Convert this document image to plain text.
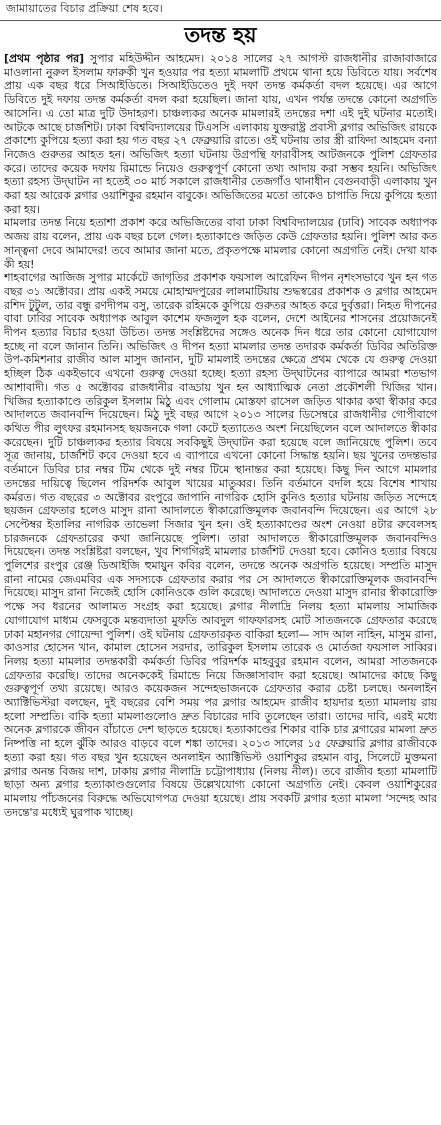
জামায়াতের বিচার প্রক্রিয়া শেষ হবে।
তদন্ত হয়

[প্রথম পৃষ্ঠার পর] সুপার মহিউদ্দীন আহমেদ। ২০১৪ সালের ২৭ আগস্ট রাজধানীর রাজাবাজারে মাওলানা নুরুল ইসলাম ফারুকী খুন হওয়ার পর হত্যা মামলাটি প্রথমে থানা হয়ে ডিবিতে যায়। সর্বশেষ প্রায় এক বছর ধরে সিআইডিতে। সিআইডিতেও দুই দফা তদন্ত কর্মকর্তা বদল হয়েছে। এর আগে ডিবিতে দুই দফায় তদন্ত কর্মকর্তা বদল করা হয়েছিল। জানা যায়, এখন পর্যন্ত তদন্তে কোনো অগ্রগতি আসেনি। এ তো মাত্র দুটি উদাহরণ। চাঞ্চল্যকর অনেক মামলারই তদন্তের দশা এই দুই ঘটনার মতোই। আটকে আছে চার্জশিট। ঢাকা বিশ্ববিদ্যালয়ের টিএসসি এলাকায় যুক্তরাষ্ট্র প্রবাসী ব্লগার অভিজিৎ রায়কে প্রকাশ্যে কুপিয়ে হত্যা করা হয় গত বছর ২৭ ফেব্রুয়ারি রাতে। ওই ঘটনায় তার স্ত্রী রাফিদা আহমেদ বন্যা নিজেও গুরুতর আহত হন। অভিজিৎ হত্যা ঘটনায় উগ্রপন্থি ফারাবীসহ আটজনকে পুলিশ গ্রেফতার করে। তাদের কয়েক দফায় রিমান্ডে নিয়েও গুরুত্বপূর্ণ কোনো তথ্য আদায় করা সম্ভব হয়নি। অভিজিৎ হত্যা রহস্য উদ্‌ঘাটন না হতেই ৩০ মার্চ সকালে রাজধানীর তেজগাঁও থানাধীন বেগুনবাড়ী এলাকায় খুন করা হয় আরেক ব্লগার ওয়াশিকুর রহমান বাবুকে। অভিজিতের মতো তাকেও চাপাতি দিয়ে কুপিয়ে হত্যা করা হয়।

মামলার তদন্ত নিয়ে হতাশা প্রকাশ করে অভিজিতের বাবা ঢাকা বিশ্ববিদ্যালয়ের (ঢাবি) সাবেক অধ্যাপক অজয় রায় বলেন, প্রায় এক বছর চলে গেল। হত্যাকাণ্ডে জড়িত কেউ গ্রেফতার হয়নি। পুলিশ আর কত সান্ত্বনা দেবে আমাদের! তবে আমার জানা মতে, প্রকৃতপক্ষে মামলার কোনো অগ্রগতি নেই। দেখা যাক কী হয়!

শাহবাগের আজিজ সুপার মার্কেটে জাগৃতির প্রকাশক ফয়সাল আরেফিন দীপন নৃশংসভাবে খুন হন গত বছর ৩১ অক্টোবর। প্রায় একই সময়ে মোহাম্মদপুরের লালমাটিয়ায় শুদ্ধস্বরের প্রকাশক ও ব্লগার আহমেদ রশিদ টুটুল, তার বন্ধু রণদীপম বসু, তারেক রহিমকে কুপিয়ে গুরুতর আহত করে দুর্বৃত্তরা। নিহত দীপনের বাবা ঢাবির সাবেক অধ্যাপক আবুল কাশেম ফজলুল হক বলেন, দেশে আইনের শাসনের প্রয়োজনেই দীপন হত্যার বিচার হওয়া উচিত। তদন্ত সংশ্লিষ্টদের সঙ্গেও অনেক দিন ধরে তার কোনো যোগাযোগ হচ্ছে না বলে জানান তিনি। অভিজিৎ ও দীপন হত্যা মামলার তদন্ত তদারক কর্মকর্তা ডিবির অতিরিক্ত উপ-কমিশনার রাজীব আল মাসুদ জানান, দুটি মামলাই তদন্তের ক্ষেত্রে প্রথম থেকে যে গুরুত্ব দেওয়া হচ্ছিল ঠিক একইভাবে এখনো গুরুত্ব দেওয়া হচ্ছে। হত্যা রহস্য উদ্‌ঘাটনের ব্যাপারে আমরা শতভাগ আশাবাদী। গত ৫ অক্টোবর রাজধানীর বাড্ডায় খুন হন আধ্যাত্মিক নেতা প্রকৌশলী খিজির খান। খিজির হত্যাকাণ্ডে তরিকুল ইসলাম মিঠু এবং গোলাম মোস্তফা রাসেল জড়িত থাকার কথা স্বীকার করে আদালতে জবানবন্দি দিয়েছেন। মিঠু দুই বছর আগে ২০১৩ সালের ডিসেম্বরে রাজধানীর গোপীবাগে কথিত পীর লুৎফর রহমানসহ ছয়জনকে গলা কেটে হত্যাতেও অংশ নিয়েছিলেন বলে আদালতে স্বীকার করেছেন। দুটি চাঞ্চল্যকর হত্যার বিষয়ে সবকিছুই উদ্‌ঘাটন করা হয়েছে বলে জানিয়েছে পুলিশ। তবে সূত্র জানায়, চার্জশিট কবে দেওয়া হবে এ ব্যাপারে এখনো কোনো সিদ্ধান্ত হয়নি। ছয় খুনের তদন্তভার বর্তমানে ডিবির চার নম্বর টিম থেকে দুই নম্বর টিমে স্থানান্তর করা হয়েছে। কিছু দিন আগে মামলার তদন্তের দায়িত্বে ছিলেন পরিদর্শক আবুল খায়ের মাতুব্বর। তিনি বর্তমানে বদলি হয়ে বিশেষ শাখায় কর্মরত। গত বছরের ৩ অক্টোবর রংপুরে জাপানি নাগরিক হোসি কুনিও হত্যার ঘটনায় জড়িত সন্দেহে ছয়জন গ্রেফতার হলেও মাসুদ রানা আদালতে স্বীকারোক্তিমূলক জবানবন্দি দিয়েছেন। এর আগে ২৮ সেপ্টেম্বর ইতালির নাগরিক তাভেলা সিজার খুন হন। ওই হত্যাকাণ্ডের অংশ নেওয়া ৪টার রুবেলসহ চারজনকে গ্রেফতারের কথা জানিয়েছে পুলিশ। তারা আদালতে স্বীকারোক্তিমূলক জবানবন্দিও দিয়েছেন। তদন্ত সংশ্লিষ্টরা বলছেন, খুব শিগগিরই মামলার চার্জশিট দেওয়া হবে। কোনিও হত্যার বিষয়ে পুলিশের রংপুর রেঞ্জ ডিআইজি হুমায়ুন কবির বলেন, তদন্তে অনেক অগ্রগতি হয়েছে। সম্প্রতি মাসুদ রানা নামের জেএমবির এক সদস্যকে গ্রেফতার করার পর সে আদালতে স্বীকারোক্তিমূলক জবানবন্দি দিয়েছে। মাসুদ রানা নিজেই হোসি কোনিওকে গুলি করেছে। আদালতে দেওয়া মাসুদ রানার স্বীকারোক্তি পক্ষে সব ধরনের আলামত সংগ্রহ করা হয়েছে। ব্লগার নীলাদ্রি নিলয় হত্যা মামলায় সামাজিক যোগাযোগ মাধ্যম ফেসবুকে মন্তব্যদাতা মুফতি আবদুল গাফফারসহ মোট সাতজনকে গ্রেফতার করেছে ঢাকা মহানগর গোয়েন্দা পুলিশ। ওই ঘটনায় গ্রেফতারকৃত বাকিরা হলো— সাদ আল নাহিন, মাসুম রানা, কাওসার হোসেন খান, কামাল হোসেন সরদার, তারিকুল ইসলাম তারেক ও মোর্তজা ফয়সাল সাব্বির। নিলয় হত্যা মামলার তদন্তকারী কর্মকর্তা ডিবির পরিদর্শক মাহবুবুর রহমান বলেন, আমরা সাতজনকে গ্রেফতার করেছি। তাদের অনেককেই রিমান্ডে নিয়ে জিজ্ঞাসাবাদ করা হয়েছে। আমাদের কাছে কিছু গুরুত্বপূর্ণ তথ্য রয়েছে। আরও কয়েকজন সন্দেহভাজনকে গ্রেফতার করার চেষ্টা চলছে। অনলাইন অ্যাক্টিভিস্টরা বলছেন, দুই বছরের বেশি সময় পর ব্লগার আহমেদ রাজীব হায়দার হত্যা মামলায় রায় হলো সম্প্রতি। বাকি হত্যা মামলাগুলোও দ্রুত বিচারের দাবি তুলেছেন তারা। তাদের দাবি, এরই মধ্যে অনেক ব্লগারকে জীবন বাঁচাতে দেশ ছাড়তে হয়েছে। হত্যাকাণ্ডের শিকার বাকি চার ব্লগারের মামলা দ্রুত নিষ্পত্তি না হলে ঝুঁকি আরও বাড়বে বলে শঙ্কা তাদের। ২০১৩ সালের ১৫ ফেব্রুয়ারি ব্লগার রাজীবকে হত্যা করা হয়। গত বছর খুন হয়েছেন অনলাইন অ্যাক্টিভিস্ট ওয়াশিকুর রহমান বাবু, সিলেটে মুক্তমনা ব্লগার অনন্ত বিজয় দাশ, ঢাকায় ব্লগার নীলাদ্রি চট্টোপাধ্যায় (নিলয় নীল)। তবে রাজীব হত্যা মামলাটি ছাড়া অন্য ব্লগার হত্যাকাণ্ডগুলোর বিষয়ে উল্লেখযোগ্য কোনো অগ্রগতি নেই। কেবল ওয়াশিকুরের মামলায় পাঁচজনের বিরুদ্ধে অভিযোগপত্র দেওয়া হয়েছে। প্রায় সবকটি ব্লগার হত্যা মামলা 'সন্দেহ আর তদন্তে'র মধ্যেই ঘুরপাক খাচ্ছে।
